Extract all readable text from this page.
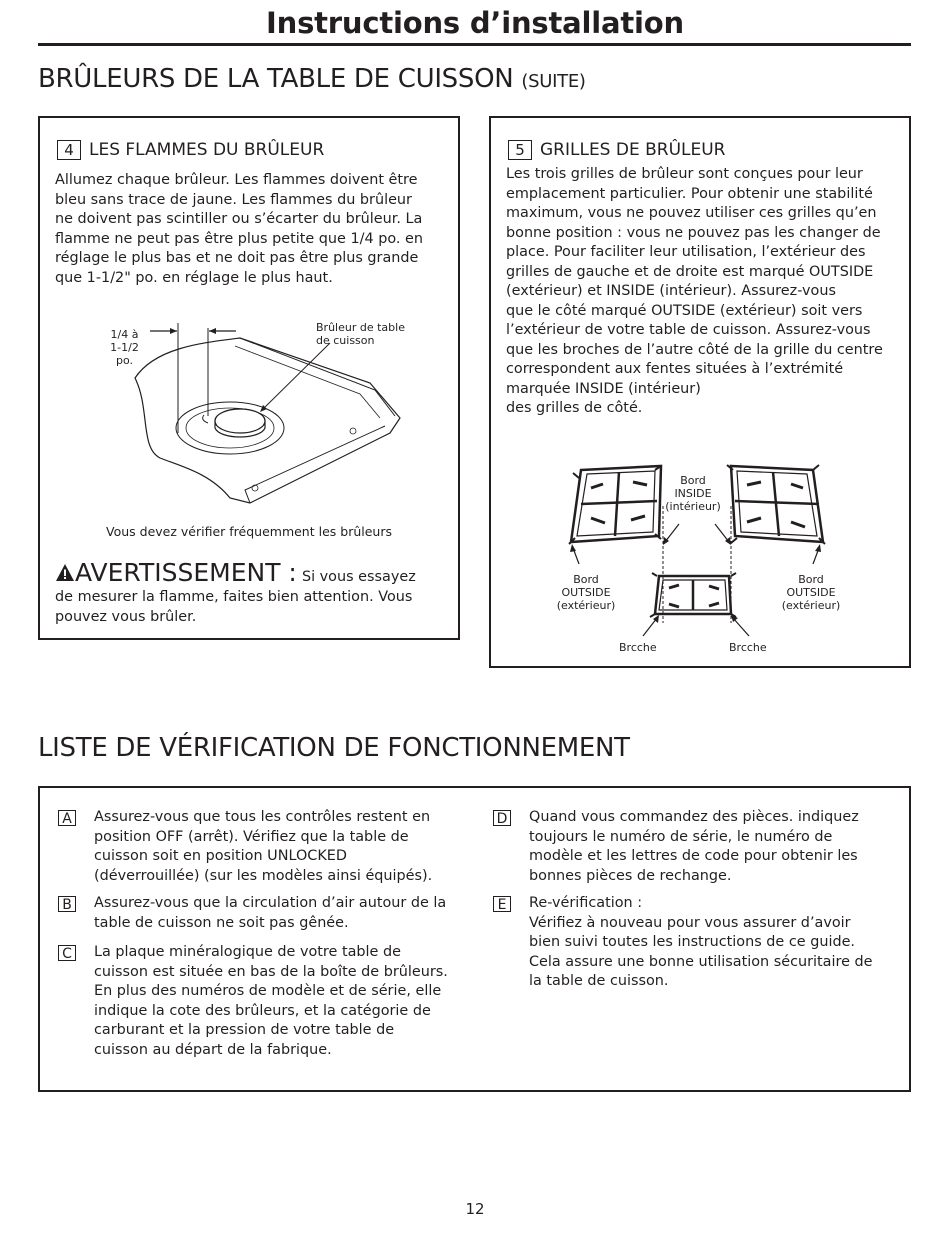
Instructions d’installation
BRÛLEURS DE LA TABLE DE CUISSON (SUITE)
4 LES FLAMMES DU BRÛLEUR
Allumez chaque brûleur. Les flammes doivent être
bleu sans trace de jaune. Les flammes du brûleur
ne doivent pas scintiller ou s’écarter du brûleur. La
flamme ne peut pas être plus petite que 1/4 po. en
réglage le plus bas et ne doit pas être plus grande
que 1-1/2" po. en réglage le plus haut.
1/4 à
1-1/2
po.
Brûleur de table
de cuisson
Vous devez vérifier fréquemment les brûleurs
AVERTISSEMENT : Si vous essayez
de mesurer la flamme, faites bien attention. Vous
pouvez vous brûler.
5 GRILLES DE BRÛLEUR
Les trois grilles de brûleur sont conçues pour leur
emplacement particulier. Pour obtenir une stabilité
maximum, vous ne pouvez utiliser ces grilles qu’en
bonne position : vous ne pouvez pas les changer de
place. Pour faciliter leur utilisation, l’extérieur des
grilles de gauche et de droite est marqué OUTSIDE
(extérieur) et INSIDE (intérieur). Assurez-vous
que le côté marqué OUTSIDE (extérieur) soit vers
l’extérieur de votre table de cuisson. Assurez-vous
que les broches de l’autre côté de la grille du centre
correspondent aux fentes situées à l’extrémité
marquée INSIDE (intérieur)
des grilles de côté.
Bord
INSIDE
(intérieur)
Bord
OUTSIDE
(extérieur)
Bord
OUTSIDE
(extérieur)
Brcche	Brcche
LISTE DE VÉRIFICATION DE FONCTIONNEMENT
A Assurez-vous que tous les contrôles restent en
position OFF (arrêt). Vérifiez que la table de
cuisson soit en position UNLOCKED
(déverrouillée) (sur les modèles ainsi équipés).
B Assurez-vous que la circulation d’air autour de la
table de cuisson ne soit pas gênée.
C La plaque minéralogique de votre table de
cuisson est située en bas de la boîte de brûleurs.
En plus des numéros de modèle et de série, elle
indique la cote des brûleurs, et la catégorie de
carburant et la pression de votre table de
cuisson au départ de la fabrique.
D Quand vous commandez des pièces. indiquez
toujours le numéro de série, le numéro de
modèle et les lettres de code pour obtenir les
bonnes pièces de rechange.
E	Re-vérification :
Vérifiez à nouveau pour vous assurer d’avoir
bien suivi toutes les instructions de ce guide.
Cela assure une bonne utilisation sécuritaire de
la table de cuisson.
12
